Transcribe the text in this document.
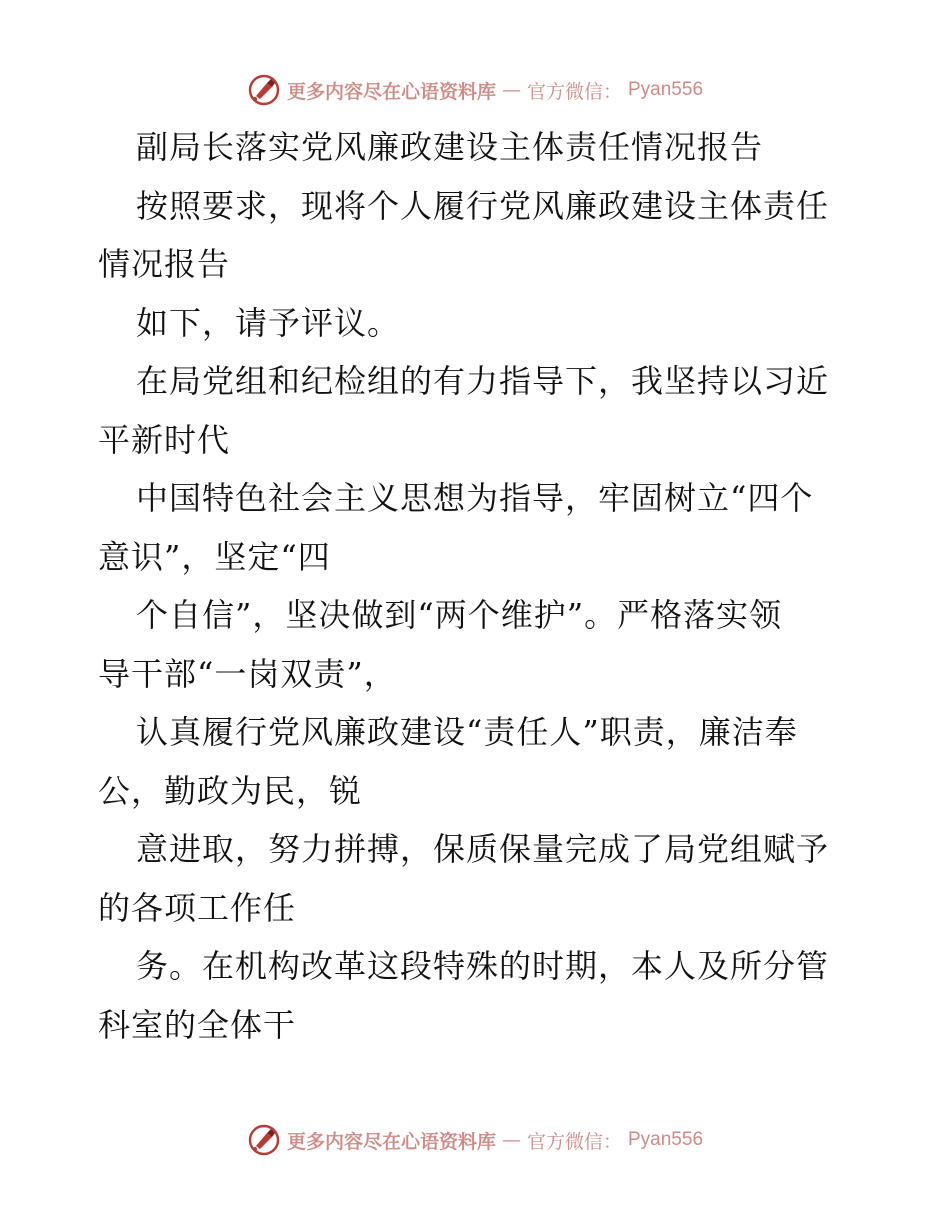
更多内容尽在心语资料库 — 官方微信： Pyan556
副局长落实党风廉政建设主体责任情况报告
按照要求，现将个人履行党风廉政建设主体责任
情况报告
如下，请予评议。
在局党组和纪检组的有力指导下，我坚持以习近
平新时代
中国特色社会主义思想为指导，牢固树立“四个
意识”，坚定“四
个自信”，坚决做到“两个维护”。严格落实领
导干部“一岗双责”，
认真履行党风廉政建设“责任人”职责，廉洁奉
公，勤政为民，锐
意进取，努力拼搏，保质保量完成了局党组赋予
的各项工作任
务。在机构改革这段特殊的时期，本人及所分管
科室的全体干
更多内容尽在心语资料库 — 官方微信： Pyan556
